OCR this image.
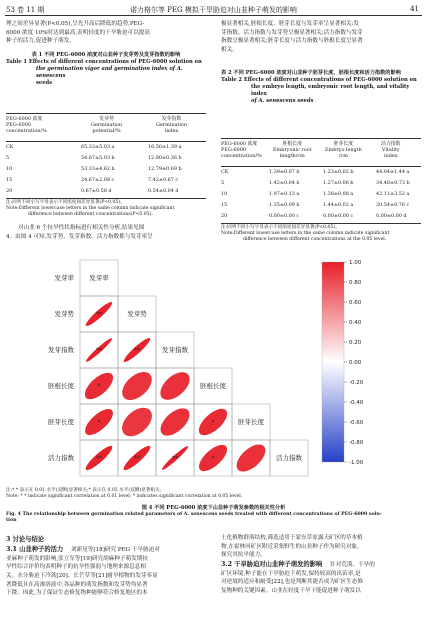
53 卷 11 期	诺力格尔等 PEG 模拟干旱胁迫对山韭种子萌发的影响	41
理之间差异显著(P<0.05),呈先升高后降低的趋势,PEG-
6000 浓度 10%时达到最高,表明轻度的干旱胁迫可以提高
种子的活力,促进种子萌发。
表 1 不同 PEG-6000 浓度对山韭种子发芽势及发芽指数的影响
Table 1 Effects of different concentrations of PEG-6000 solution on
the germination vigor and germination index of A. senescens
seeds
PEG-6000 浓度
PEG-6000
concentration/%
发芽势
Germination
potential/%
发芽指数
Germination
index
CK	65.33±5.03 a	16.50±1.39 a
5	54.67±5.03 b	12.80±0.36 b
10	53.33±4.62 b	12.79±0.69 b
15	24.67±2.08 c	7.42±0.67 c
20	0.67±0.58 d	0.54±0.04 d
注:同列不同小写字母表示不同浓度间差异显著(P<0.05)。
Note:Different lowercase letters in the same column indicate significant
difference between different concentrations(P<0.05).
对山韭 6 个抗旱性状指标进行相关性分析,结果见图
4。由图 4 可知,发芽势、发芽指数、活力指数都与发芽率呈
极显著相关,胚根长度、胚芽长度与发芽率呈显著相关;发
芽指数、活力指数与发芽势呈极显著相关;活力指数与发芽
指数呈极显著相关;胚芽长度与活力指数与胚根长度呈显著
相关。
表 2 不同 PEG-6000 浓度对山韭种子胚芽长度、胚根长度和活力指数的影响
Table 2 Effects of different concentrations of PEG-6000 solution on
the embryo length, embryonic root length, and vitality index
of A. senescens seeds
PEG-6000 浓度
PEG-6000
concentration/%
胚根长度
Embryonic root
length/cm
胚芽长度
Embryo length
/cm
活力指数
Vitality
index
CK	1.39±0.07 b	1.23±0.02 b	44.04±1.44 a
5	1.42±0.04 b	1.27±0.06 b	34.48±0.73 b
10	1.97±0.13 a	1.38±0.08 a	42.11±3.52 a
15	1.35±0.09 b	1.44±0.02 a	20.54±0.76 c
20	0.00±0.00 c	0.00±0.00 c	0.00±0.00 d
注:同列不同小写字母表示不同浓度间差异显著(P<0.05)。
Note:Different lowercase letters in the same column indicate significant
difference between different concentrations at the 0.05 level.
发芽率
发芽率
发芽势
发芽势
发芽指数
发芽指数
胚根长度
胚根长度
胚芽长度
胚芽长度
活力指数
活力指数
**
**	**
*
*	*
**	**	**	*
1.00
0.80
0.60
0.40
0.20
0.00
-0.20
-0.40
-0.60
-0.80
-1.00
注:* * 表示在 0.01 水平(双侧)显著相关;* 表示在 0.05 水平(双侧)显著相关。
Note: * * indicate significant correlation at 0.01 level; * indicates significant correlation at 0.05 level.
图 4 不同 PEG-6000 浓度下山韭种子萌发参数的相关性分析
Fig. 4 The relationship between germination related parameters of A. senescens seeds treated with different concentrations of PEG-6000 solu-
tion
3 讨论与结论
3.1 山韭种子的活力 刘新星等[18]研究 PEG 干旱胁迫对
亚麻种子萌发的影响,张立军等[19]研究胡麻种子萌发期抗
旱性综合评价均表明种子的抗旱性强弱与地理来源息息相
关。水分胁迫下冷蒿[20]、长芒草等[21]耐旱植物的发芽率显
著降低且在高渗溶液中,各品种的萌发指数和发芽势均显著
下降。因此,为了保证生态修复物种能够符合修复地区的本
土化植物群落结构,筛选适用于蒙东草原露天矿区的草本植
物,在霍林河矿区附近采集野生的山韭种子作为研究对象,
探究其抗旱能力。
3.2 干旱胁迫对山韭种子萌发的影响 针对荒漠、干旱的
矿区环境,种子能在干旱胁迫下萌发,保持较高的出苗率,是
对逆境的适应和耐受[22],也是判断其能否成为矿区生态修
复物种的关键因素。山韭在轻度干旱下能促进种子萌发以
